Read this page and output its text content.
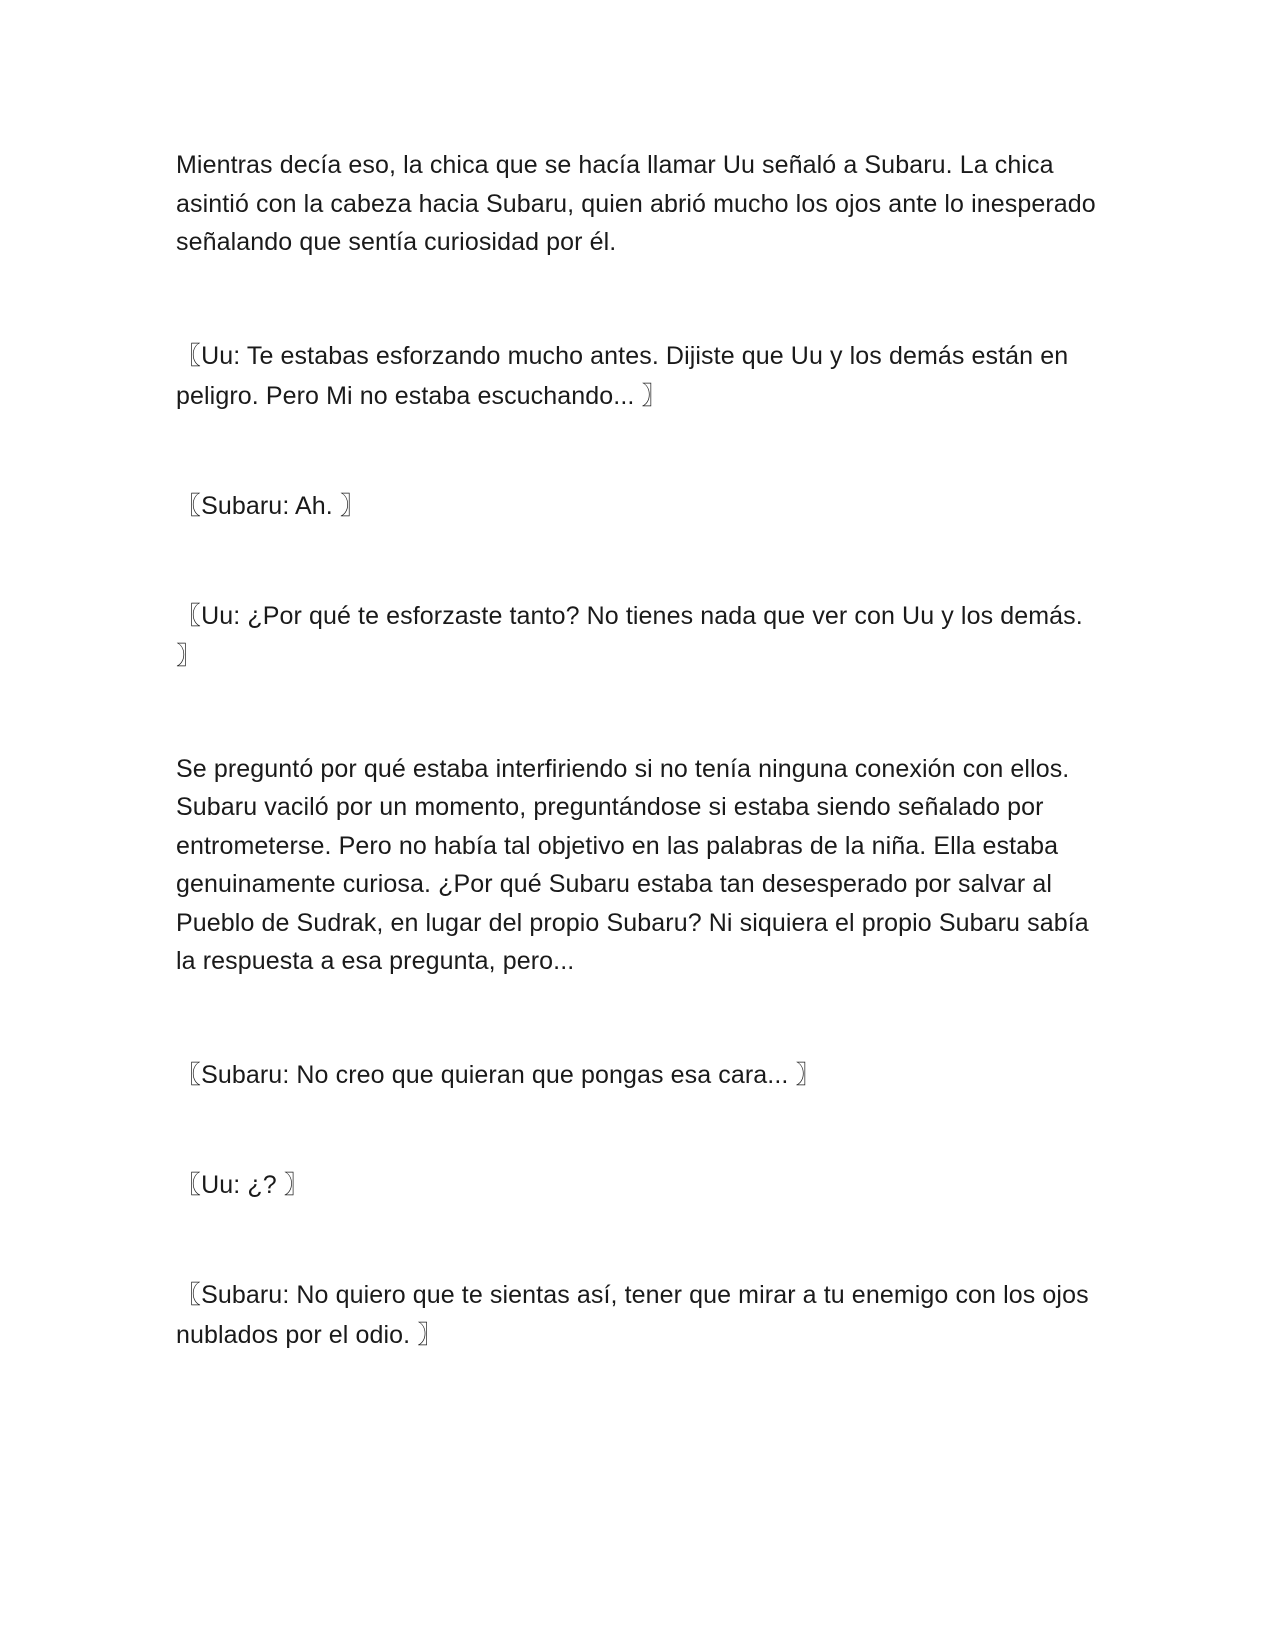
Mientras decía eso, la chica que se hacía llamar Uu señaló a Subaru. La chica asintió con la cabeza hacia Subaru, quien abrió mucho los ojos ante lo inesperado señalando que sentía curiosidad por él.

〖Uu: Te estabas esforzando mucho antes. Dijiste que Uu y los demás están en peligro. Pero Mi no estaba escuchando... 〗

〖Subaru: Ah. 〗

〖Uu: ¿Por qué te esforzaste tanto? No tienes nada que ver con Uu y los demás. 〗

Se preguntó por qué estaba interfiriendo si no tenía ninguna conexión con ellos. Subaru vaciló por un momento, preguntándose si estaba siendo señalado por entrometerse. Pero no había tal objetivo en las palabras de la niña. Ella estaba genuinamente curiosa. ¿Por qué Subaru estaba tan desesperado por salvar al Pueblo de Sudrak, en lugar del propio Subaru? Ni siquiera el propio Subaru sabía la respuesta a esa pregunta, pero...

〖Subaru: No creo que quieran que pongas esa cara... 〗

〖Uu: ¿? 〗

〖Subaru: No quiero que te sientas así, tener que mirar a tu enemigo con los ojos nublados por el odio. 〗
